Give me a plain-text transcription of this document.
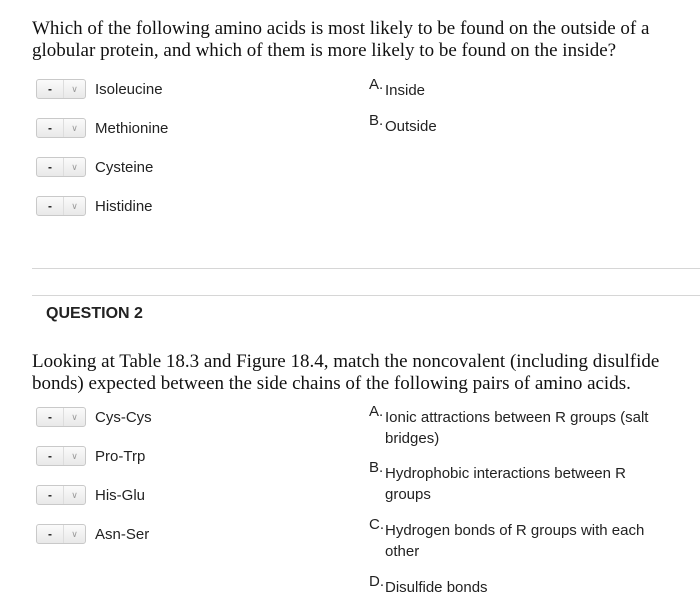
Which of the following amino acids is most likely to be found on the outside of a
globular protein, and which of them is more likely to be found on the inside?
-	∨	Isoleucine
-	∨	Methionine
-	∨	Cysteine
-	∨	Histidine
A. Inside
B. Outside
QUESTION 2
Looking at Table 18.3 and Figure 18.4, match the noncovalent (including disulfide
bonds) expected between the side chains of the following pairs of amino acids.
-	∨	Cys-Cys
-	∨	Pro-Trp
-	∨	His-Glu
-	∨	Asn-Ser
A. Ionic attractions between R groups (salt
bridges)
B. Hydrophobic interactions between R
groups
C. Hydrogen bonds of R groups with each
other
D. Disulfide bonds
